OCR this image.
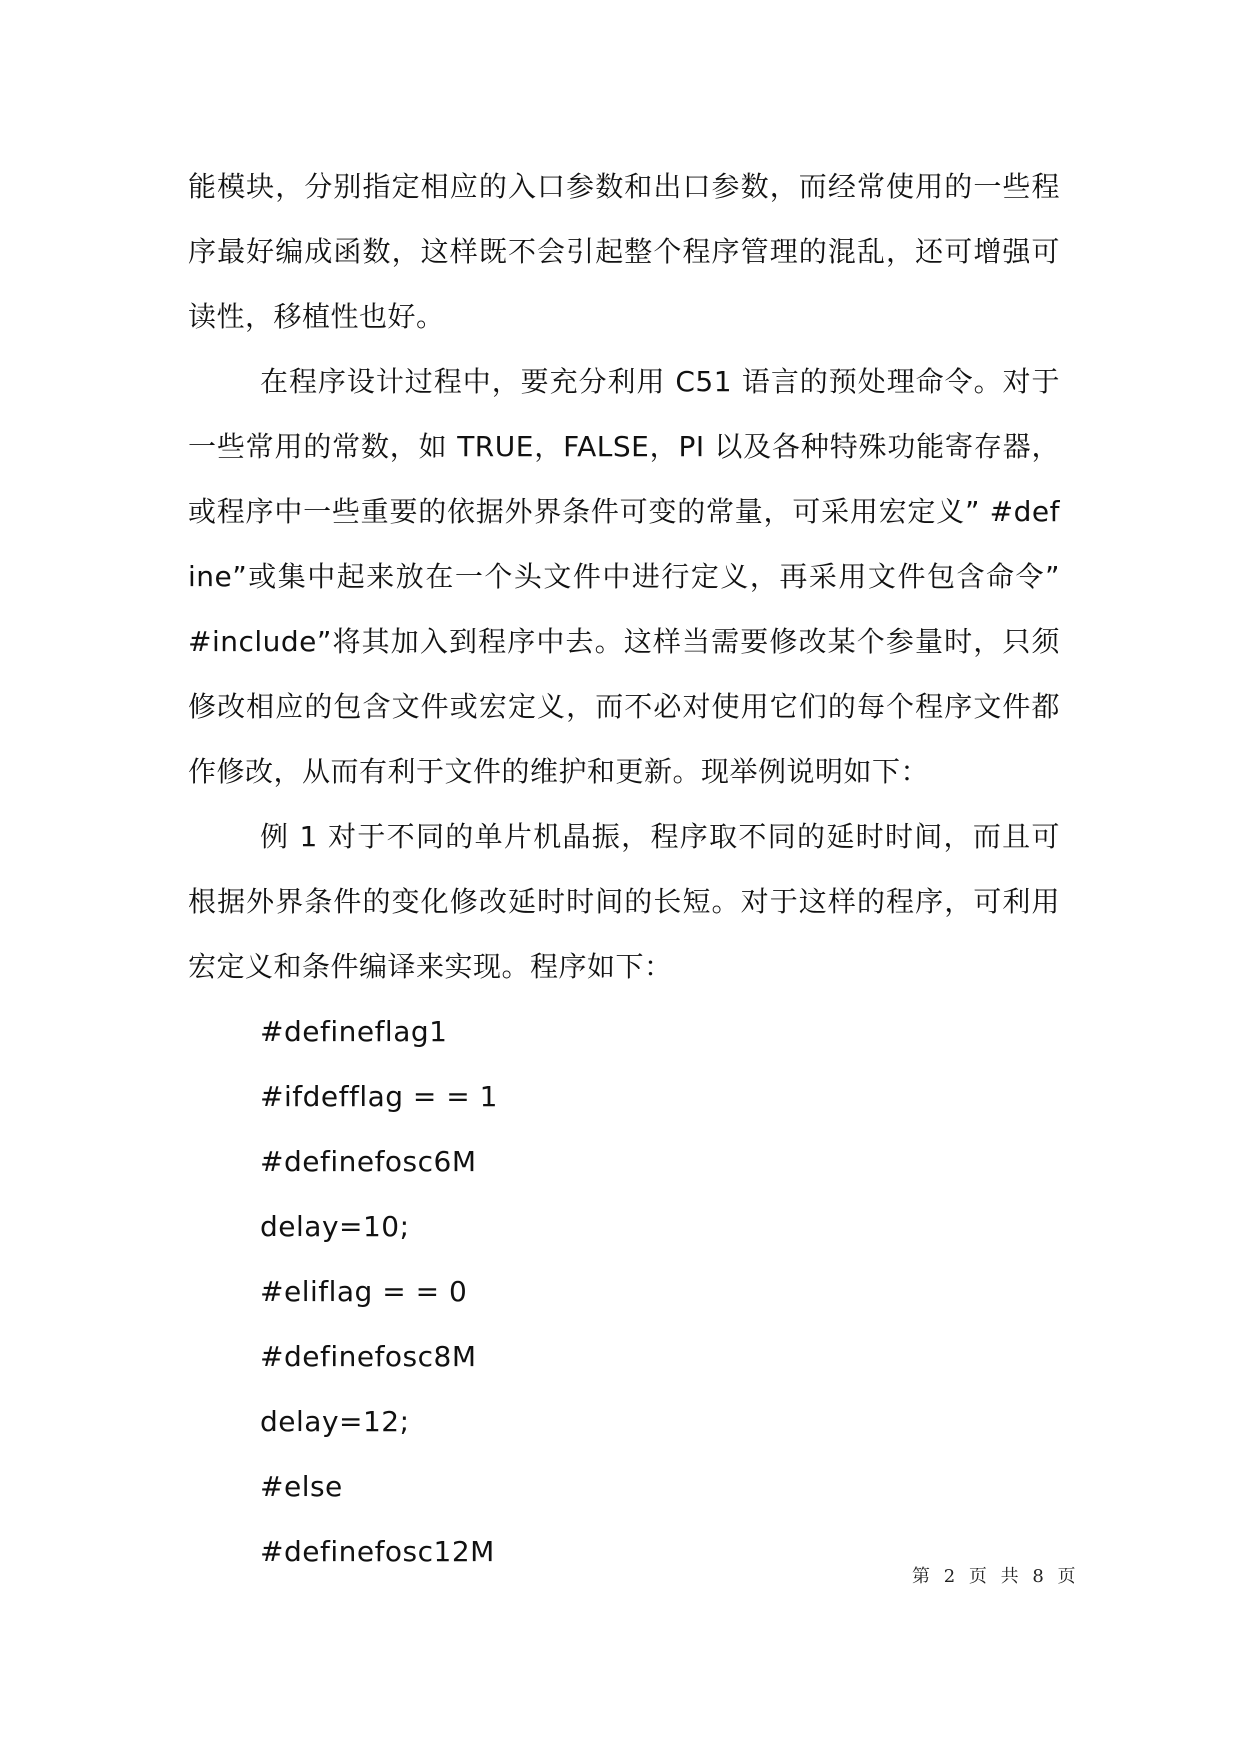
能模块，分别指定相应的入口参数和出口参数，而经常使用的一些程序最好编成函数，这样既不会引起整个程序管理的混乱，还可增强可读性，移植性也好。

在程序设计过程中，要充分利用 C51 语言的预处理命令。对于一些常用的常数，如 TRUE，FALSE，PI 以及各种特殊功能寄存器，或程序中一些重要的依据外界条件可变的常量，可采用宏定义” #define”或集中起来放在一个头文件中进行定义，再采用文件包含命令” #include”将其加入到程序中去。这样当需要修改某个参量时，只须修改相应的包含文件或宏定义，而不必对使用它们的每个程序文件都作修改，从而有利于文件的维护和更新。现举例说明如下：

例 1 对于不同的单片机晶振，程序取不同的延时时间，而且可根据外界条件的变化修改延时时间的长短。对于这样的程序，可利用宏定义和条件编译来实现。程序如下：

#defineflag1
#ifdefflag = = 1
#definefosc6M
delay=10;
#eliflag = = 0
#definefosc8M
delay=12;
#else
#definefosc12M
第 2 页 共 8 页
